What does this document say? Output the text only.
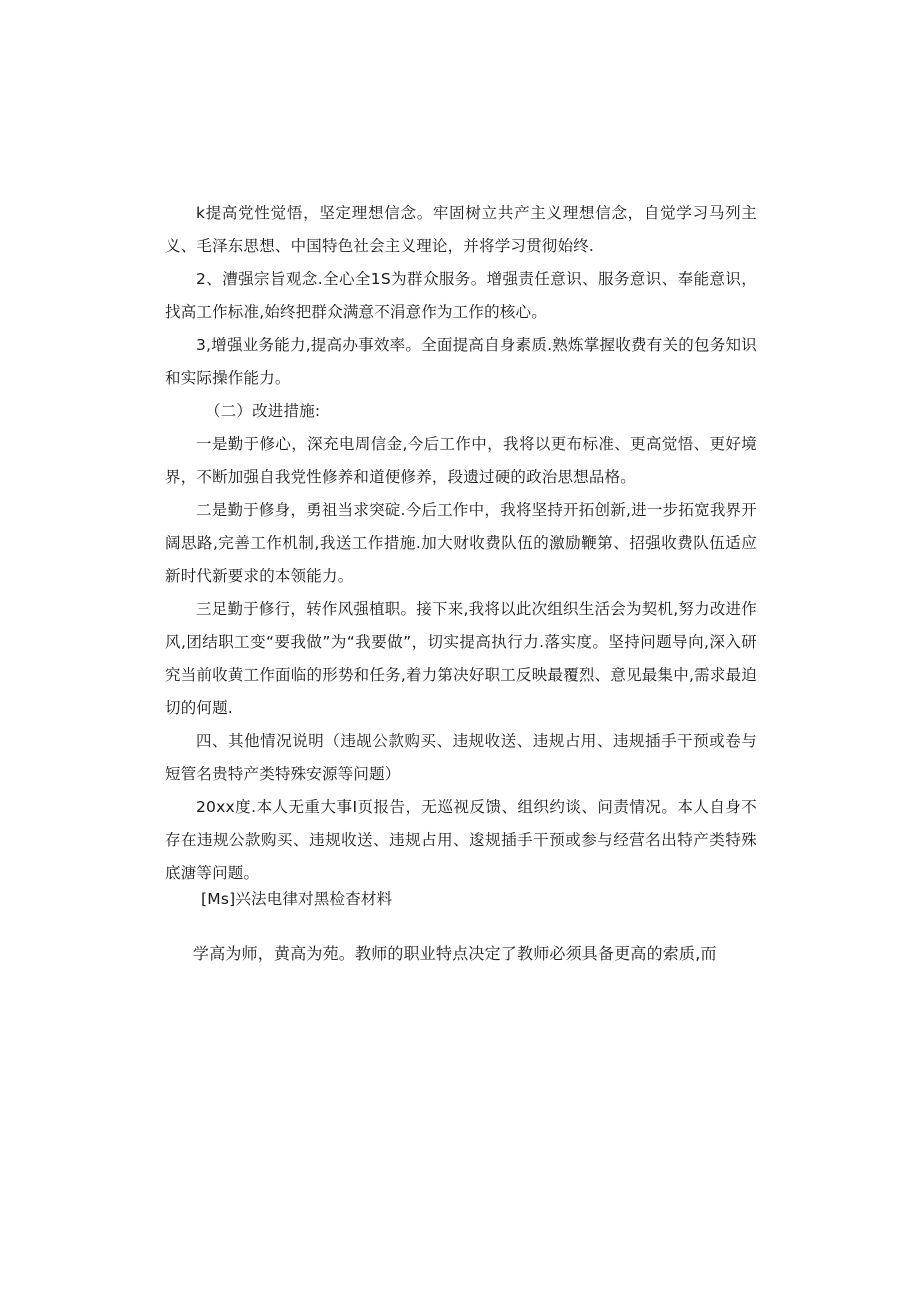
k提高党性觉悟，坚定理想信念。牢固树立共产主义理想信念，自觉学习马列主义、毛泽东思想、中国特色社会主义理论，并将学习贯彻始终.

2、漕强宗旨观念.全心全1S为群众服务。增强责任意识、服务意识、奉能意识，找高工作标准,始终把群众满意不涓意作为工作的核心。

3,增强业务能力,提高办事效率。全面提高自身素质.熟炼掌握收费有关的包务知识和实际操作能力。

（二）改进措施:

一是勤于修心，深充电周信金,今后工作中，我将以更布标准、更高觉悟、更好境界，不断加强自我党性修养和道便修养，段遗过硬的政治思想品格。

二是勤于修身，勇祖当求突碇.今后工作中，我将坚持开拓创新,进一步拓宽我界开阔思路,完善工作机制,我送工作措施.加大财收费队伍的激励鞭第、招强收费队伍适应新时代新要求的本领能力。

三足勤于修行，转作风强植职。接下来,我将以此次组织生活会为契机,努力改进作风,团结职工变“要我做”为“我要做”，切实提高执行力.落实度。坚持问题导向,深入研究当前收黄工作面临的形势和任务,着力第决好职工反映最覆烈、意见最集中,需求最迫切的何题.

四、其他情况说明（违觇公款购买、违规收送、违规占用、违规插手干预或卷与短管名贵特产类特殊安源等问题）

20xx度.本人无重大事I页报告，无巡视反馈、组织约谈、问责情况。本人自身不存在违规公款购买、违规收送、违规占用、逡规插手干预或参与经营名出特产类特殊底溏等问题。

[Ms]兴法电律对黑检杳材料

学高为师，黄高为苑。教师的职业特点决定了教师必须具备更高的索质,而
